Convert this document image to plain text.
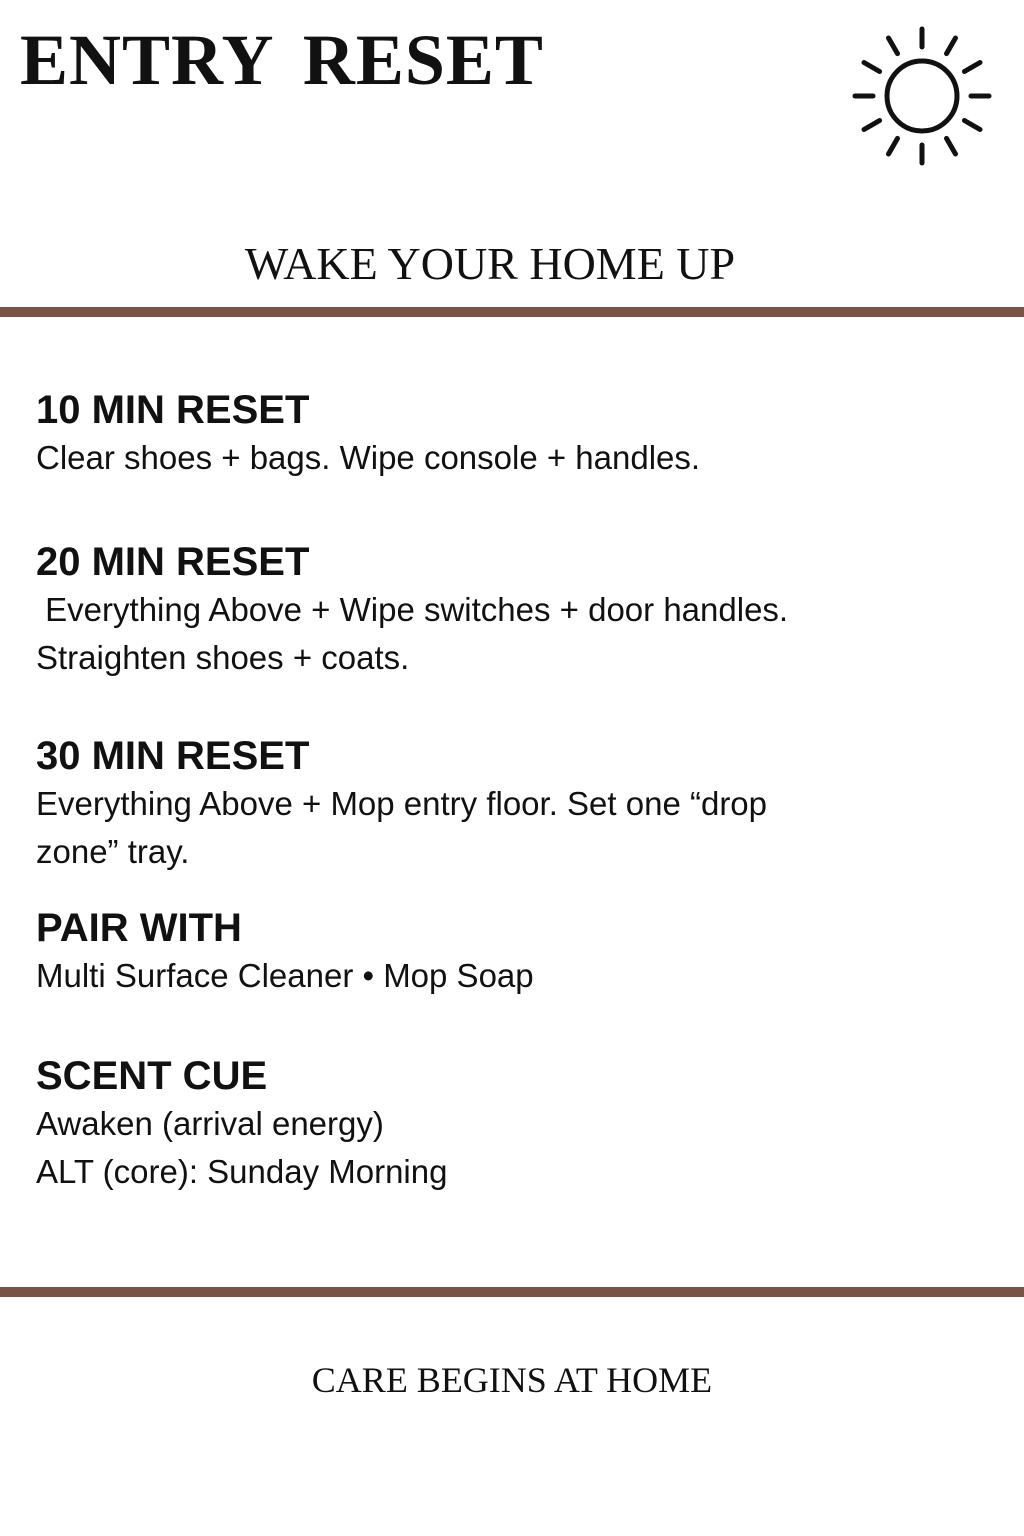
ENTRY RESET
WAKE YOUR HOME UP
10 MIN RESET

Clear shoes + bags. Wipe console + handles.

20 MIN RESET

Everything Above + Wipe switches + door handles.

Straighten shoes + coats.

30 MIN RESET

Everything Above + Mop entry floor. Set one “drop

zone” tray.

PAIR WITH

Multi Surface Cleaner • Mop Soap

SCENT CUE

Awaken (arrival energy)

ALT (core): Sunday Morning

CARE BEGINS AT HOME
